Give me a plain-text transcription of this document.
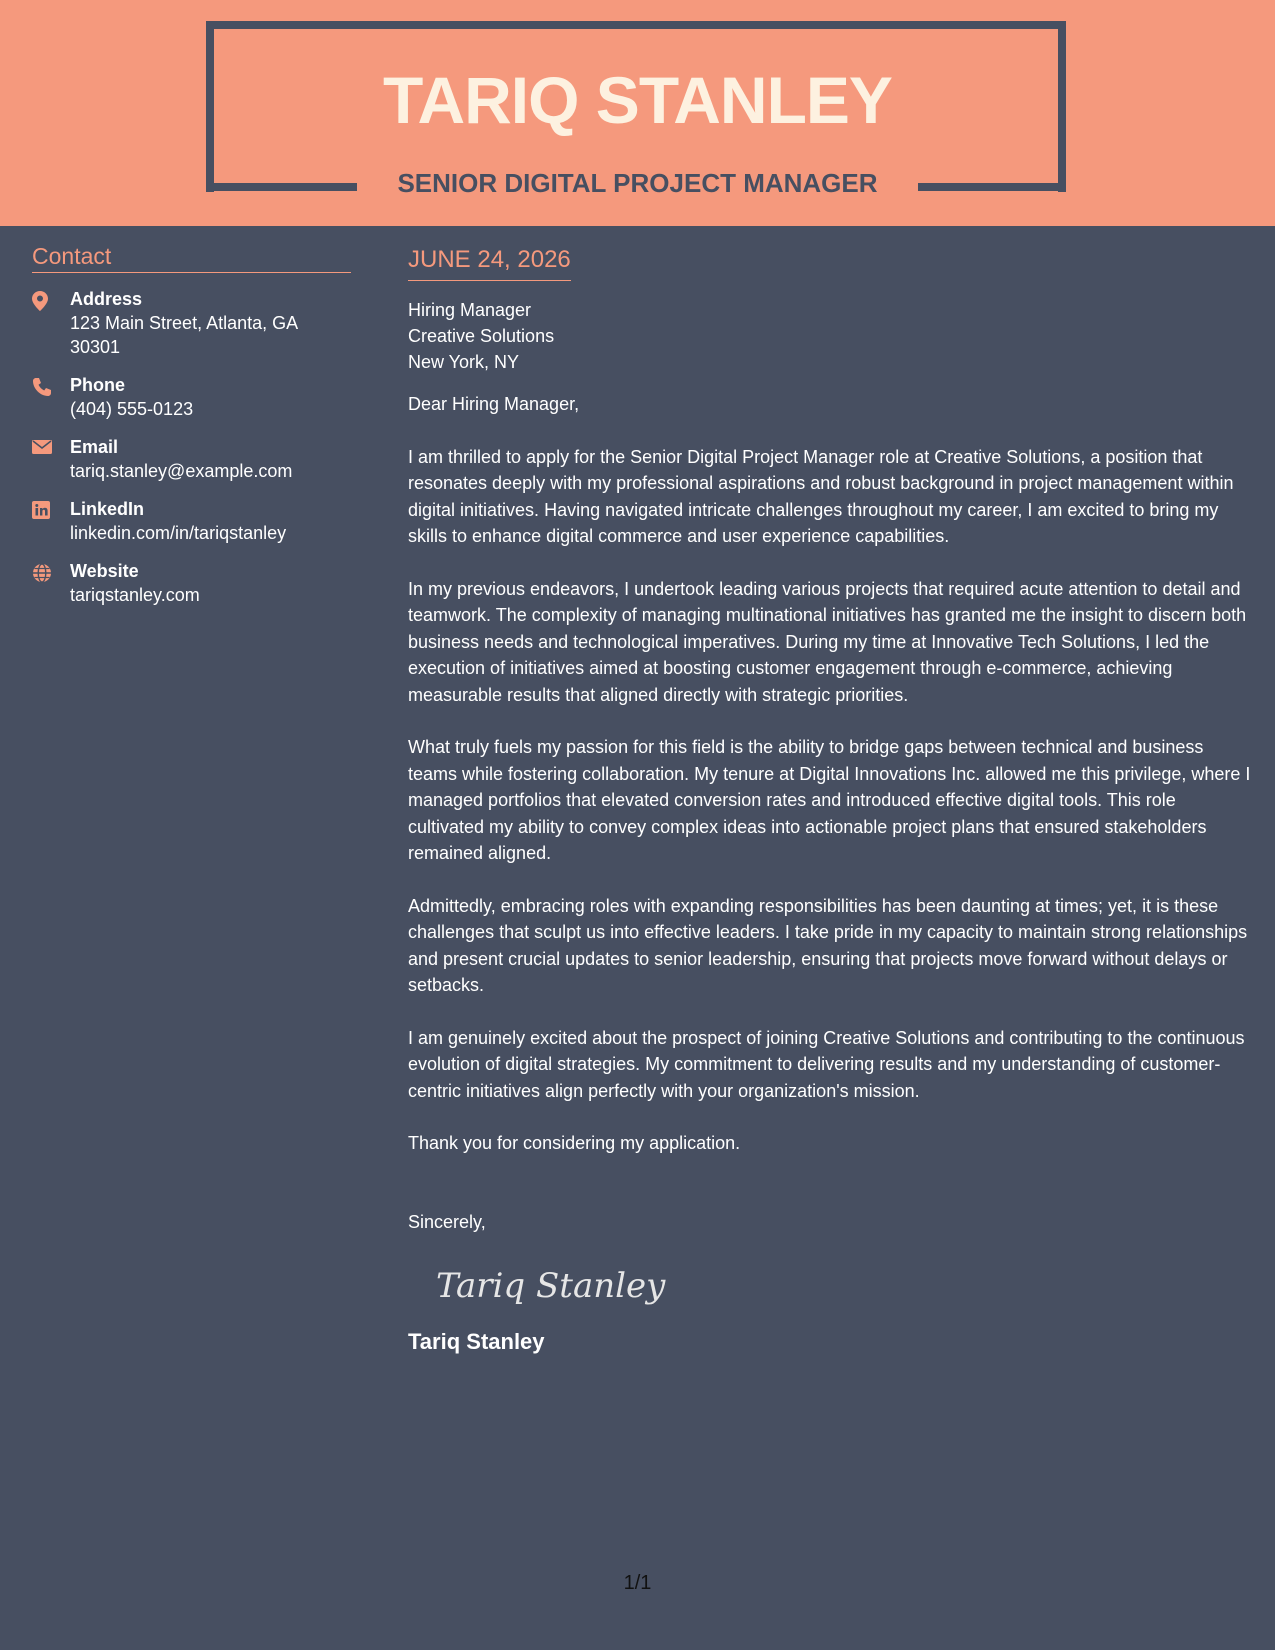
TARIQ STANLEY
SENIOR DIGITAL PROJECT MANAGER
Contact
Address
123 Main Street, Atlanta, GA 30301
Phone
(404) 555-0123
Email
tariq.stanley@example.com
LinkedIn
linkedin.com/in/tariqstanley
Website
tariqstanley.com
JUNE 24, 2026
Hiring Manager
Creative Solutions
New York, NY
Dear Hiring Manager,

I am thrilled to apply for the Senior Digital Project Manager role at Creative Solutions, a position that resonates deeply with my professional aspirations and robust background in project management within digital initiatives. Having navigated intricate challenges throughout my career, I am excited to bring my skills to enhance digital commerce and user experience capabilities.

In my previous endeavors, I undertook leading various projects that required acute attention to detail and teamwork. The complexity of managing multinational initiatives has granted me the insight to discern both business needs and technological imperatives. During my time at Innovative Tech Solutions, I led the execution of initiatives aimed at boosting customer engagement through e-commerce, achieving measurable results that aligned directly with strategic priorities.

What truly fuels my passion for this field is the ability to bridge gaps between technical and business teams while fostering collaboration. My tenure at Digital Innovations Inc. allowed me this privilege, where I managed portfolios that elevated conversion rates and introduced effective digital tools. This role cultivated my ability to convey complex ideas into actionable project plans that ensured stakeholders remained aligned.

Admittedly, embracing roles with expanding responsibilities has been daunting at times; yet, it is these challenges that sculpt us into effective leaders. I take pride in my capacity to maintain strong relationships and present crucial updates to senior leadership, ensuring that projects move forward without delays or setbacks.

I am genuinely excited about the prospect of joining Creative Solutions and contributing to the continuous evolution of digital strategies. My commitment to delivering results and my understanding of customer-centric initiatives align perfectly with your organization's mission.

Thank you for considering my application.

Sincerely,
Tariq Stanley
Tariq Stanley
1/1
